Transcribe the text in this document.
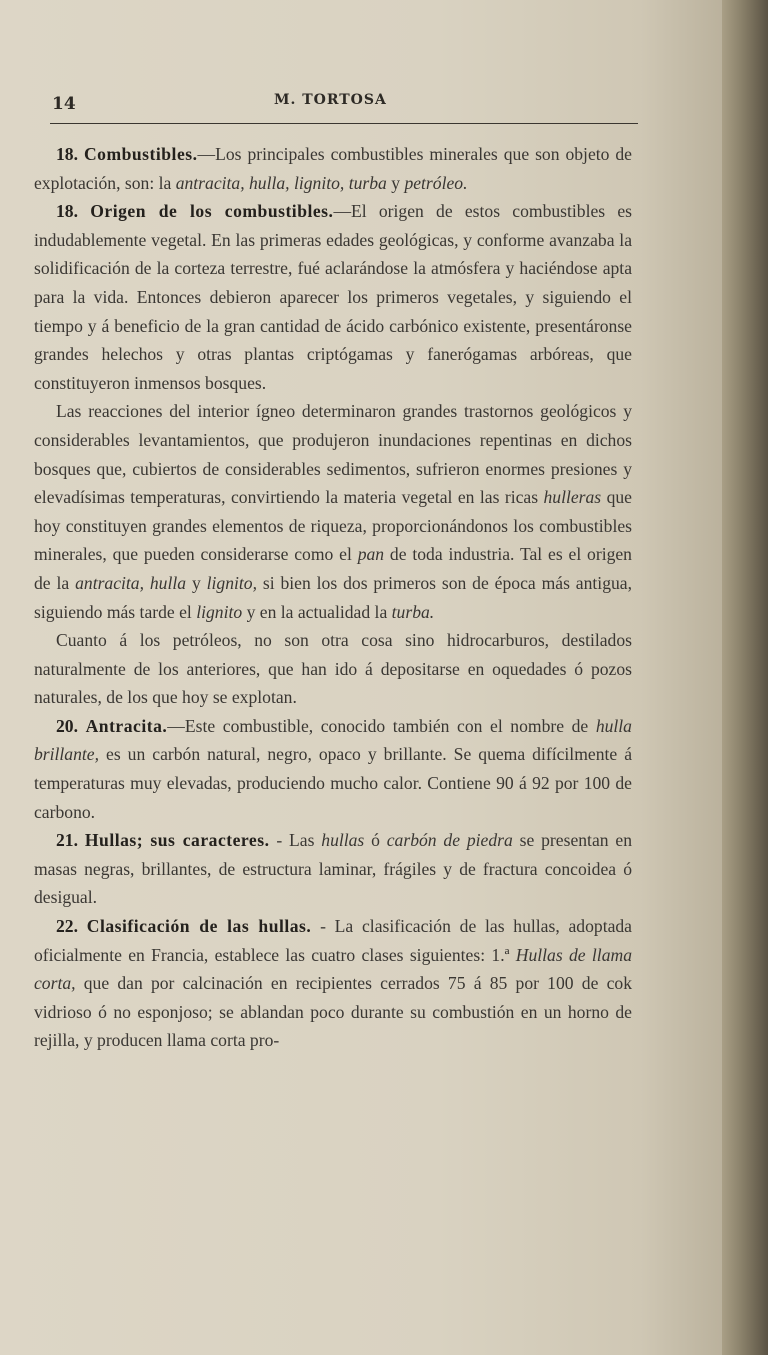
14	M. TORTOSA

18. Combustibles.—Los principales combustibles minerales que son objeto de explotación, son: la antracita, hulla, lignito, turba y petróleo.

18. Origen de los combustibles.—El origen de estos combustibles es indudablemente vegetal. En las primeras edades geológicas, y conforme avanzaba la solidificación de la corteza terrestre, fué aclarándose la atmósfera y haciéndose apta para la vida. Entonces debieron aparecer los primeros vegetales, y siguiendo el tiempo y á beneficio de la gran cantidad de ácido carbónico existente, presentáronse grandes helechos y otras plantas criptógamas y fanerógamas arbóreas, que constituyeron inmensos bosques.

Las reacciones del interior ígneo determinaron grandes trastornos geológicos y considerables levantamientos, que produjeron inundaciones repentinas en dichos bosques que, cubiertos de considerables sedimentos, sufrieron enormes presiones y elevadísimas temperaturas, convirtiendo la materia vegetal en las ricas hulleras que hoy constituyen grandes elementos de riqueza, proporcionándonos los combustibles minerales, que pueden considerarse como el pan de toda industria. Tal es el origen de la antracita, hulla y lignito, si bien los dos primeros son de época más antigua, siguiendo más tarde el lignito y en la actualidad la turba.

Cuanto á los petróleos, no son otra cosa sino hidrocarburos, destilados naturalmente de los anteriores, que han ido á depositarse en oquedades ó pozos naturales, de los que hoy se explotan.

20. Antracita.—Este combustible, conocido también con el nombre de hulla brillante, es un carbón natural, negro, opaco y brillante. Se quema difícilmente á temperaturas muy elevadas, produciendo mucho calor. Contiene 90 á 92 por 100 de carbono.

21. Hullas; sus caracteres. - Las hullas ó carbón de piedra se presentan en masas negras, brillantes, de estructura laminar, frágiles y de fractura concoidea ó desigual.

22. Clasificación de las hullas. - La clasificación de las hullas, adoptada oficialmente en Francia, establece las cuatro clases siguientes: 1.ª Hullas de llama corta, que dan por calcinación en recipientes cerrados 75 á 85 por 100 de cok vidrioso ó no esponjoso; se ablandan poco durante su combustión en un horno de rejilla, y producen llama corta pro-
